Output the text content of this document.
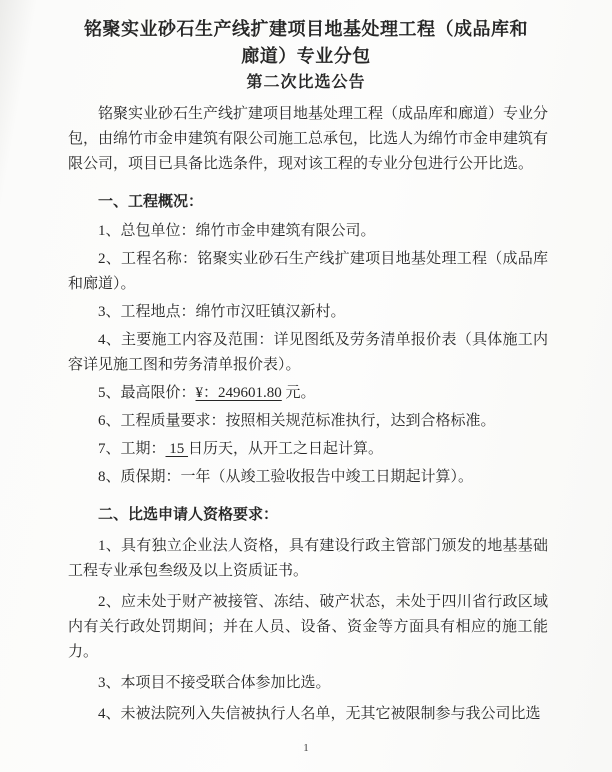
铭聚实业砂石生产线扩建项目地基处理工程（成品库和廊道）专业分包
第二次比选公告

铭聚实业砂石生产线扩建项目地基处理工程（成品库和廊道）专业分包，由绵竹市金申建筑有限公司施工总承包，比选人为绵竹市金申建筑有限公司，项目已具备比选条件，现对该工程的专业分包进行公开比选。

一、工程概况：

1、总包单位：绵竹市金申建筑有限公司。

2、工程名称：铭聚实业砂石生产线扩建项目地基处理工程（成品库和廊道）。

3、工程地点：绵竹市汉旺镇汉新村。

4、主要施工内容及范围：详见图纸及劳务清单报价表（具体施工内容详见施工图和劳务清单报价表）。

5、最高限价：¥：249601.80 元。

6、工程质量要求：按照相关规范标准执行，达到合格标准。

7、工期： 15 日历天，从开工之日起计算。

8、质保期：一年（从竣工验收报告中竣工日期起计算）。

二、比选申请人资格要求：

1、具有独立企业法人资格，具有建设行政主管部门颁发的地基基础工程专业承包叁级及以上资质证书。

2、应未处于财产被接管、冻结、破产状态，未处于四川省行政区域内有关行政处罚期间；并在人员、设备、资金等方面具有相应的施工能力。

3、本项目不接受联合体参加比选。

4、未被法院列入失信被执行人名单，无其它被限制参与我公司比选

1
